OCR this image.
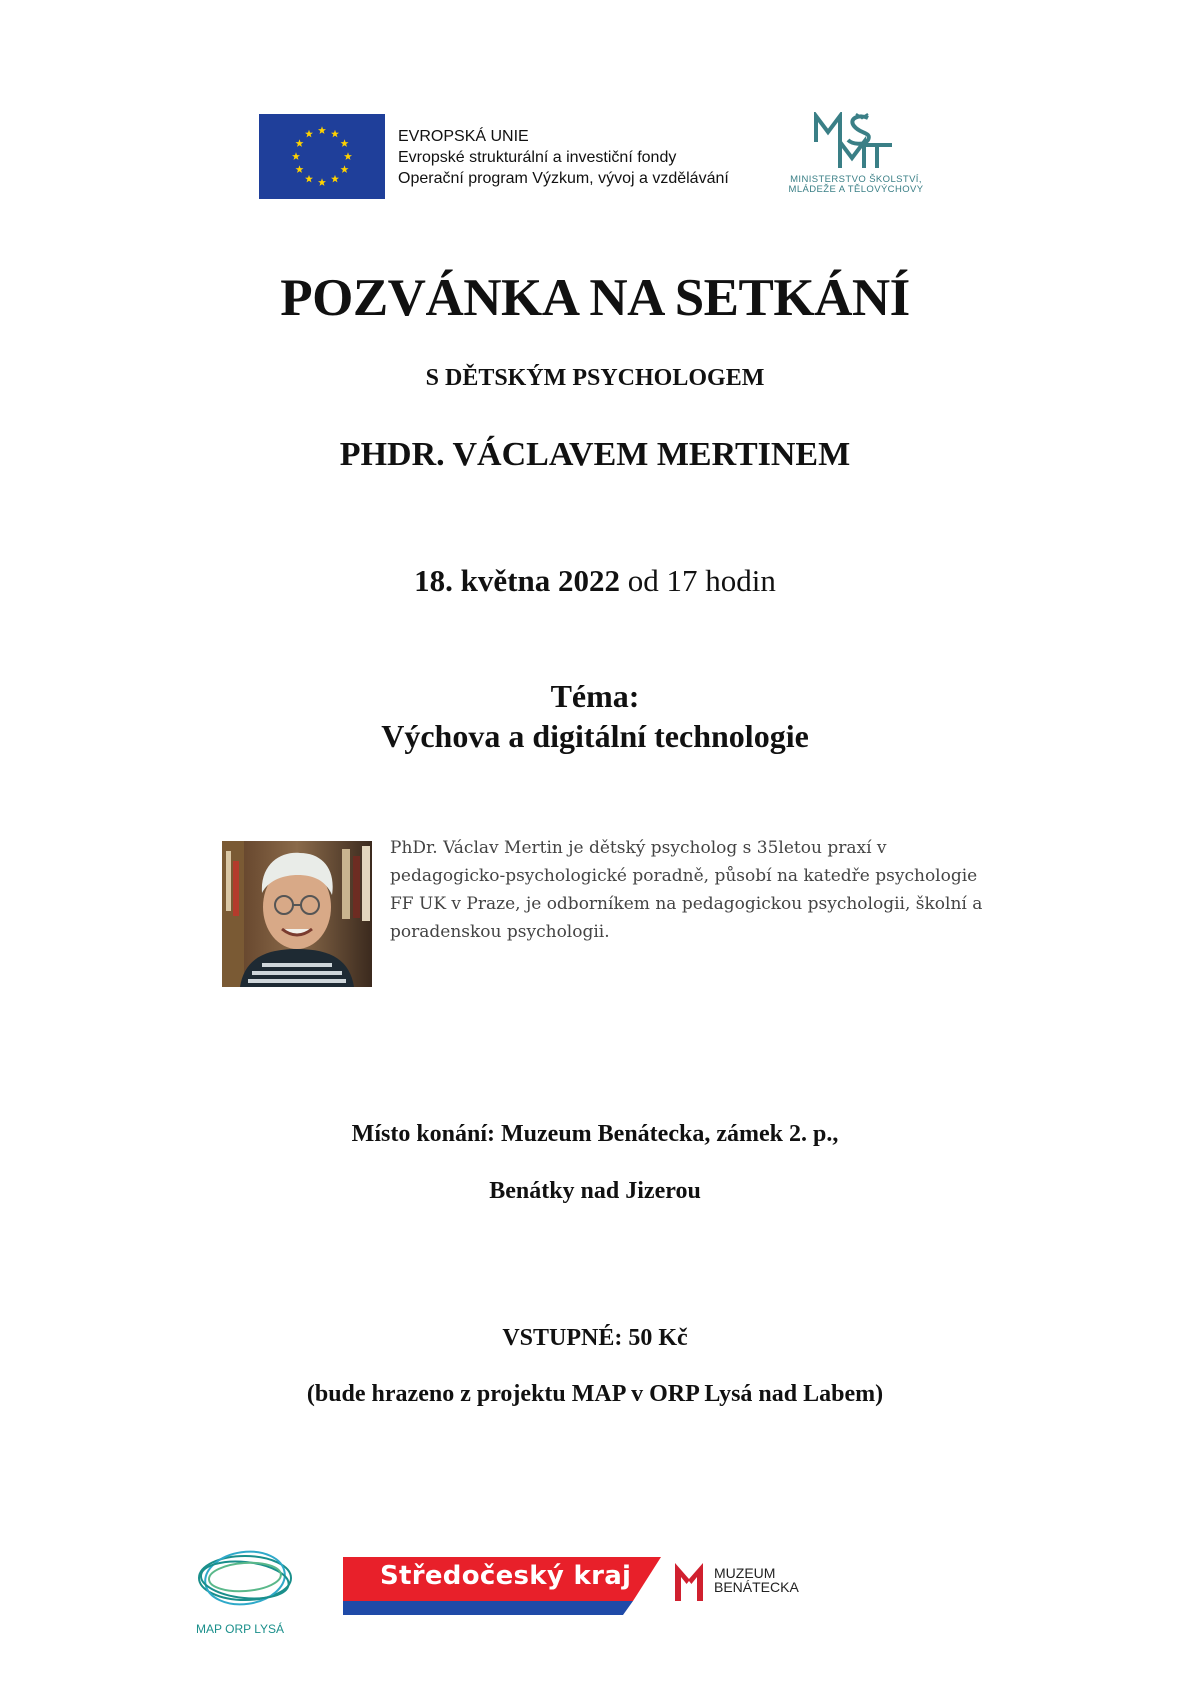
EVROPSKÁ UNIE
Evropské strukturální a investiční fondy
Operační program Výzkum, vývoj a vzdělávání	MINISTERSTVO ŠKOLSTVÍ,
MLÁDEŽE A TĚLOVÝCHOVY
POZVÁNKA NA SETKÁNÍ
S DĚTSKÝM PSYCHOLOGEM
PHDR. VÁCLAVEM MERTINEM
18. května 2022 od 17 hodin
Téma:
Výchova a digitální technologie
PhDr. Václav Mertin je dětský psycholog s 35letou praxí v
pedagogicko-psychologické poradně, působí na katedře psychologie
FF UK v Praze, je odborníkem na pedagogickou psychologii, školní a
poradenskou psychologii.
Místo konání: Muzeum Benátecka, zámek 2. p.,
Benátky nad Jizerou
VSTUPNÉ: 50 Kč
(bude hrazeno z projektu MAP v ORP Lysá nad Labem)
MAP ORP LYSÁ
Středočeský kraj	MUZEUM
BENÁTECKA
